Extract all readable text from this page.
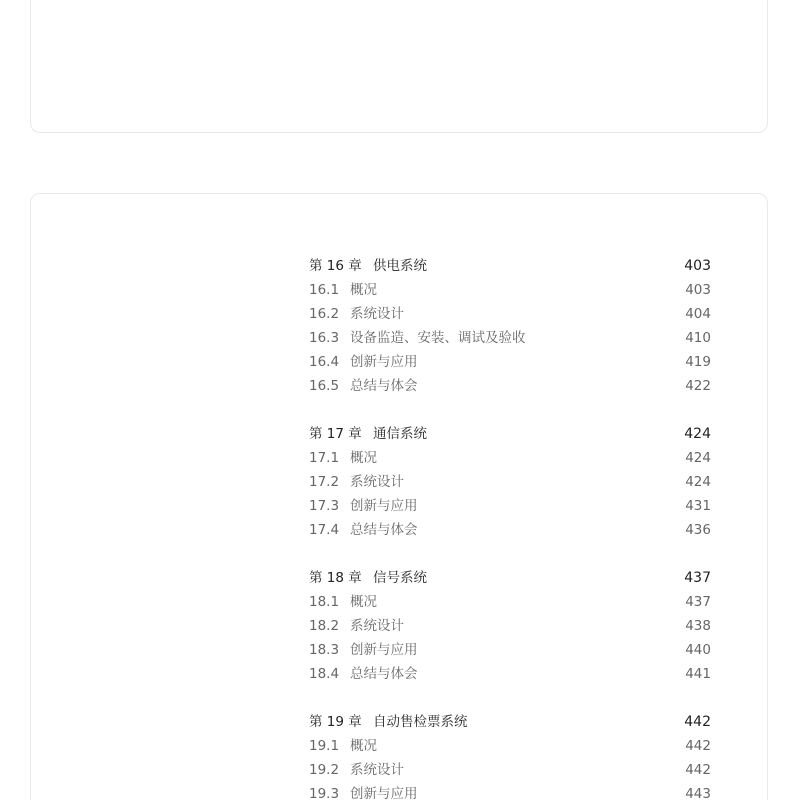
第 16 章 供电系统	403
16.1 概况	403
16.2 系统设计	404
16.3 设备监造、安装、调试及验收	410
16.4 创新与应用	419
16.5 总结与体会	422
第 17 章 通信系统	424
17.1 概况	424
17.2 系统设计	424
17.3 创新与应用	431
17.4 总结与体会	436
第 18 章 信号系统	437
18.1 概况	437
18.2 系统设计	438
18.3 创新与应用	440
18.4 总结与体会	441
第 19 章 自动售检票系统	442
19.1 概况	442
19.2 系统设计	442
19.3 创新与应用	443
